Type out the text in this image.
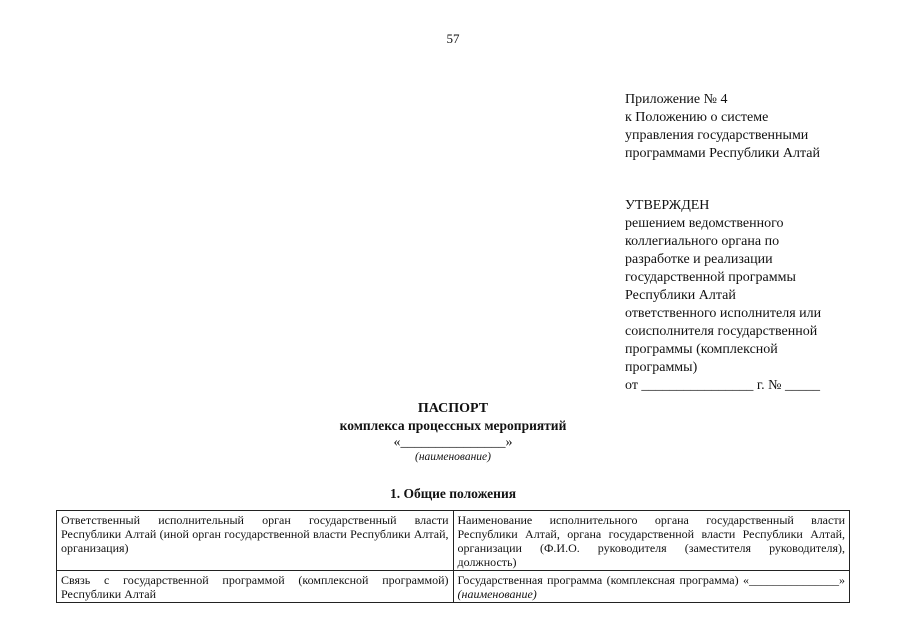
57
Приложение № 4
к Положению о системе
управления государственными
программами Республики Алтай
УТВЕРЖДЕН
решением ведомственного
коллегиального органа по
разработке и реализации
государственной программы
Республики Алтай
ответственного исполнителя или
соисполнителя государственной
программы (комплексной
программы)
от ________________ г. № _____
ПАСПОРТ
комплекса процессных мероприятий
«_______________»
(наименование)
1. Общие положения
Ответственный исполнительный орган государственный власти Республики Алтай (иной орган государственной власти Республики Алтай, организация)	Наименование исполнительного органа государственный власти Республики Алтай, органа государственной власти Республики Алтай, организации (Ф.И.О. руководителя (заместителя руководителя), должность)
Связь с государственной программой (комплексной программой) Республики Алтай	Государственная программа (комплексная программа) «_______________» (наименование)
